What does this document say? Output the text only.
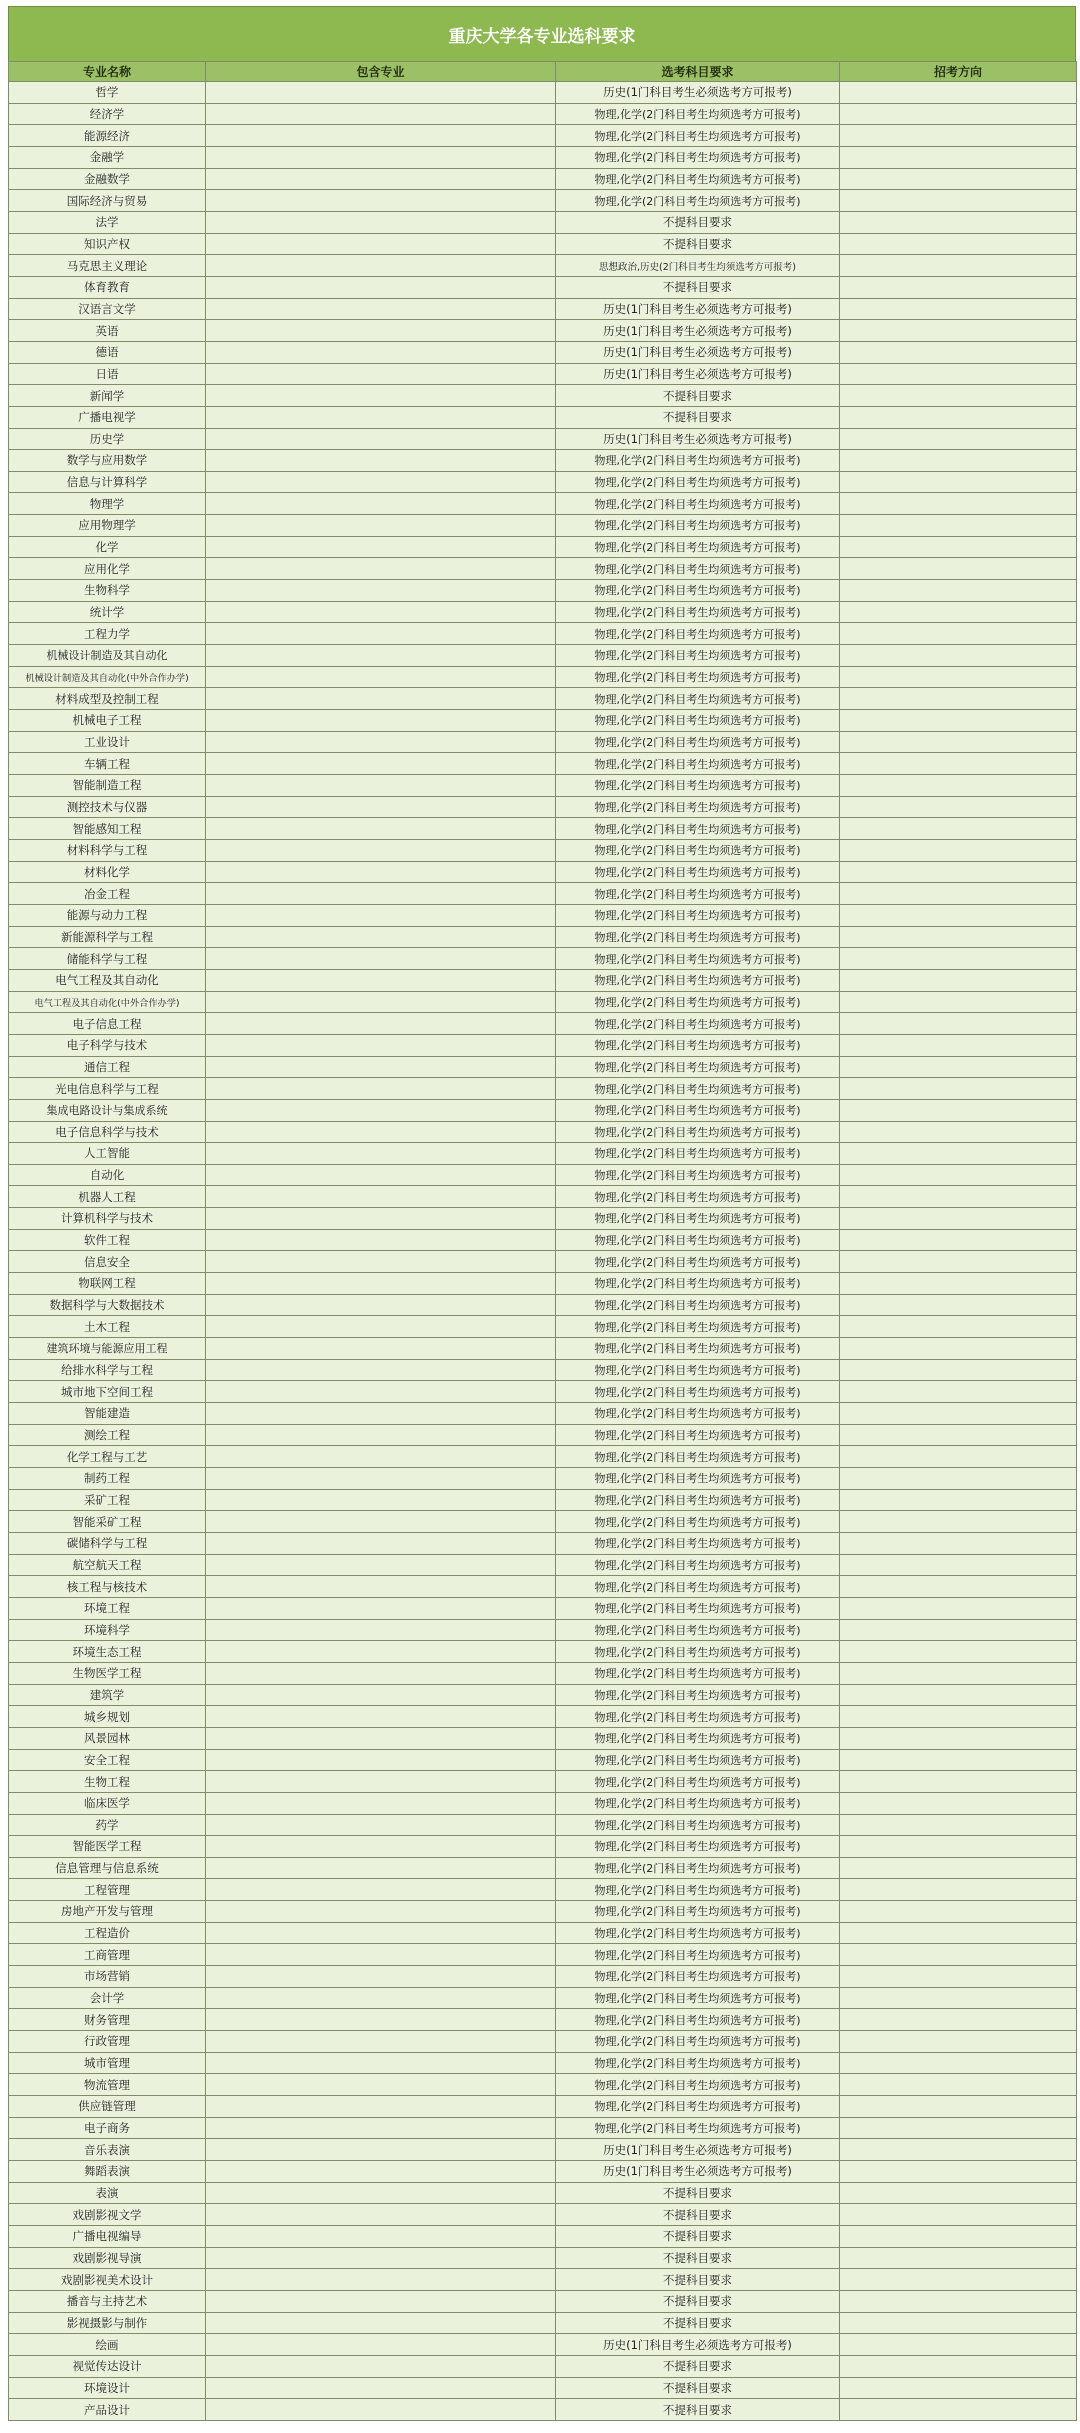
重庆大学各专业选科要求
专业名称	包含专业	选考科目要求	招考方向
哲学		历史(1门科目考生必须选考方可报考)	
经济学		物理,化学(2门科目考生均须选考方可报考)	
能源经济		物理,化学(2门科目考生均须选考方可报考)	
金融学		物理,化学(2门科目考生均须选考方可报考)	
金融数学		物理,化学(2门科目考生均须选考方可报考)	
国际经济与贸易		物理,化学(2门科目考生均须选考方可报考)	
法学		不提科目要求	
知识产权		不提科目要求	
马克思主义理论		思想政治,历史(2门科目考生均须选考方可报考)	
体育教育		不提科目要求	
汉语言文学		历史(1门科目考生必须选考方可报考)	
英语		历史(1门科目考生必须选考方可报考)	
德语		历史(1门科目考生必须选考方可报考)	
日语		历史(1门科目考生必须选考方可报考)	
新闻学		不提科目要求	
广播电视学		不提科目要求	
历史学		历史(1门科目考生必须选考方可报考)	
数学与应用数学		物理,化学(2门科目考生均须选考方可报考)	
信息与计算科学		物理,化学(2门科目考生均须选考方可报考)	
物理学		物理,化学(2门科目考生均须选考方可报考)	
应用物理学		物理,化学(2门科目考生均须选考方可报考)	
化学		物理,化学(2门科目考生均须选考方可报考)	
应用化学		物理,化学(2门科目考生均须选考方可报考)	
生物科学		物理,化学(2门科目考生均须选考方可报考)	
统计学		物理,化学(2门科目考生均须选考方可报考)	
工程力学		物理,化学(2门科目考生均须选考方可报考)	
机械设计制造及其自动化		物理,化学(2门科目考生均须选考方可报考)	
机械设计制造及其自动化(中外合作办学)		物理,化学(2门科目考生均须选考方可报考)	
材料成型及控制工程		物理,化学(2门科目考生均须选考方可报考)	
机械电子工程		物理,化学(2门科目考生均须选考方可报考)	
工业设计		物理,化学(2门科目考生均须选考方可报考)	
车辆工程		物理,化学(2门科目考生均须选考方可报考)	
智能制造工程		物理,化学(2门科目考生均须选考方可报考)	
测控技术与仪器		物理,化学(2门科目考生均须选考方可报考)	
智能感知工程		物理,化学(2门科目考生均须选考方可报考)	
材料科学与工程		物理,化学(2门科目考生均须选考方可报考)	
材料化学		物理,化学(2门科目考生均须选考方可报考)	
冶金工程		物理,化学(2门科目考生均须选考方可报考)	
能源与动力工程		物理,化学(2门科目考生均须选考方可报考)	
新能源科学与工程		物理,化学(2门科目考生均须选考方可报考)	
储能科学与工程		物理,化学(2门科目考生均须选考方可报考)	
电气工程及其自动化		物理,化学(2门科目考生均须选考方可报考)	
电气工程及其自动化(中外合作办学)		物理,化学(2门科目考生均须选考方可报考)	
电子信息工程		物理,化学(2门科目考生均须选考方可报考)	
电子科学与技术		物理,化学(2门科目考生均须选考方可报考)	
通信工程		物理,化学(2门科目考生均须选考方可报考)	
光电信息科学与工程		物理,化学(2门科目考生均须选考方可报考)	
集成电路设计与集成系统		物理,化学(2门科目考生均须选考方可报考)	
电子信息科学与技术		物理,化学(2门科目考生均须选考方可报考)	
人工智能		物理,化学(2门科目考生均须选考方可报考)	
自动化		物理,化学(2门科目考生均须选考方可报考)	
机器人工程		物理,化学(2门科目考生均须选考方可报考)	
计算机科学与技术		物理,化学(2门科目考生均须选考方可报考)	
软件工程		物理,化学(2门科目考生均须选考方可报考)	
信息安全		物理,化学(2门科目考生均须选考方可报考)	
物联网工程		物理,化学(2门科目考生均须选考方可报考)	
数据科学与大数据技术		物理,化学(2门科目考生均须选考方可报考)	
土木工程		物理,化学(2门科目考生均须选考方可报考)	
建筑环境与能源应用工程		物理,化学(2门科目考生均须选考方可报考)	
给排水科学与工程		物理,化学(2门科目考生均须选考方可报考)	
城市地下空间工程		物理,化学(2门科目考生均须选考方可报考)	
智能建造		物理,化学(2门科目考生均须选考方可报考)	
测绘工程		物理,化学(2门科目考生均须选考方可报考)	
化学工程与工艺		物理,化学(2门科目考生均须选考方可报考)	
制药工程		物理,化学(2门科目考生均须选考方可报考)	
采矿工程		物理,化学(2门科目考生均须选考方可报考)	
智能采矿工程		物理,化学(2门科目考生均须选考方可报考)	
碳储科学与工程		物理,化学(2门科目考生均须选考方可报考)	
航空航天工程		物理,化学(2门科目考生均须选考方可报考)	
核工程与核技术		物理,化学(2门科目考生均须选考方可报考)	
环境工程		物理,化学(2门科目考生均须选考方可报考)	
环境科学		物理,化学(2门科目考生均须选考方可报考)	
环境生态工程		物理,化学(2门科目考生均须选考方可报考)	
生物医学工程		物理,化学(2门科目考生均须选考方可报考)	
建筑学		物理,化学(2门科目考生均须选考方可报考)	
城乡规划		物理,化学(2门科目考生均须选考方可报考)	
风景园林		物理,化学(2门科目考生均须选考方可报考)	
安全工程		物理,化学(2门科目考生均须选考方可报考)	
生物工程		物理,化学(2门科目考生均须选考方可报考)	
临床医学		物理,化学(2门科目考生均须选考方可报考)	
药学		物理,化学(2门科目考生均须选考方可报考)	
智能医学工程		物理,化学(2门科目考生均须选考方可报考)	
信息管理与信息系统		物理,化学(2门科目考生均须选考方可报考)	
工程管理		物理,化学(2门科目考生均须选考方可报考)	
房地产开发与管理		物理,化学(2门科目考生均须选考方可报考)	
工程造价		物理,化学(2门科目考生均须选考方可报考)	
工商管理		物理,化学(2门科目考生均须选考方可报考)	
市场营销		物理,化学(2门科目考生均须选考方可报考)	
会计学		物理,化学(2门科目考生均须选考方可报考)	
财务管理		物理,化学(2门科目考生均须选考方可报考)	
行政管理		物理,化学(2门科目考生均须选考方可报考)	
城市管理		物理,化学(2门科目考生均须选考方可报考)	
物流管理		物理,化学(2门科目考生均须选考方可报考)	
供应链管理		物理,化学(2门科目考生均须选考方可报考)	
电子商务		物理,化学(2门科目考生均须选考方可报考)	
音乐表演		历史(1门科目考生必须选考方可报考)	
舞蹈表演		历史(1门科目考生必须选考方可报考)	
表演		不提科目要求	
戏剧影视文学		不提科目要求	
广播电视编导		不提科目要求	
戏剧影视导演		不提科目要求	
戏剧影视美术设计		不提科目要求	
播音与主持艺术		不提科目要求	
影视摄影与制作		不提科目要求	
绘画		历史(1门科目考生必须选考方可报考)	
视觉传达设计		不提科目要求	
环境设计		不提科目要求	
产品设计		不提科目要求	
